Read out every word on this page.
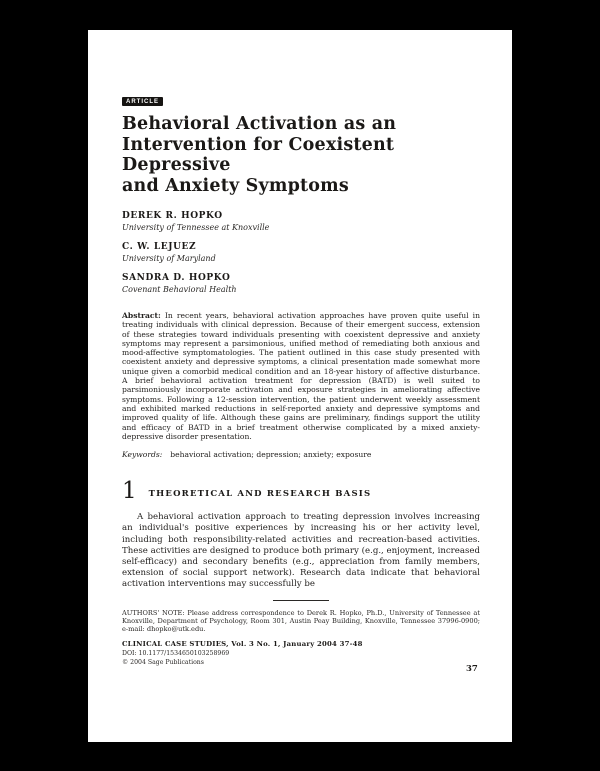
ARTICLE
Behavioral Activation as an
Intervention for Coexistent Depressive
and Anxiety Symptoms
DEREK R. HOPKO
University of Tennessee at Knoxville
C. W. LEJUEZ
University of Maryland
SANDRA D. HOPKO
Covenant Behavioral Health

Abstract: In recent years, behavioral activation approaches have proven quite useful in treating individuals with clinical depression. Because of their emergent success, extension of these strategies toward individuals presenting with coexistent depressive and anxiety symptoms may represent a parsimonious, unified method of remediating both anxious and mood-affective symptomatologies. The patient outlined in this case study presented with coexistent anxiety and depressive symptoms, a clinical presentation made somewhat more unique given a comorbid medical condition and an 18-year history of affective disturbance. A brief behavioral activation treatment for depression (BATD) is well suited to parsimoniously incorporate activation and exposure strategies in ameliorating affective symptoms. Following a 12-session intervention, the patient underwent weekly assessment and exhibited marked reductions in self-reported anxiety and depressive symptoms and improved quality of life. Although these gains are preliminary, findings support the utility and efficacy of BATD in a brief treatment otherwise complicated by a mixed anxiety-depressive disorder presentation.

Keywords: behavioral activation; depression; anxiety; exposure
1 THEORETICAL AND RESEARCH BASIS

A behavioral activation approach to treating depression involves increasing an individual's positive experiences by increasing his or her activity level, including both responsibility-related activities and recreation-based activities. These activities are designed to produce both primary (e.g., enjoyment, increased self-efficacy) and secondary benefits (e.g., appreciation from family members, extension of social support network). Research data indicate that behavioral activation interventions may successfully be

AUTHORS' NOTE: Please address correspondence to Derek R. Hopko, Ph.D., University of Tennessee at Knoxville, Department of Psychology, Room 301, Austin Peay Building, Knoxville, Tennessee 37996-0900; e-mail: dhopko@utk.edu.

CLINICAL CASE STUDIES, Vol. 3 No. 1, January 2004 37-48
DOI: 10.1177/1534650103258969
© 2004 Sage Publications
37
